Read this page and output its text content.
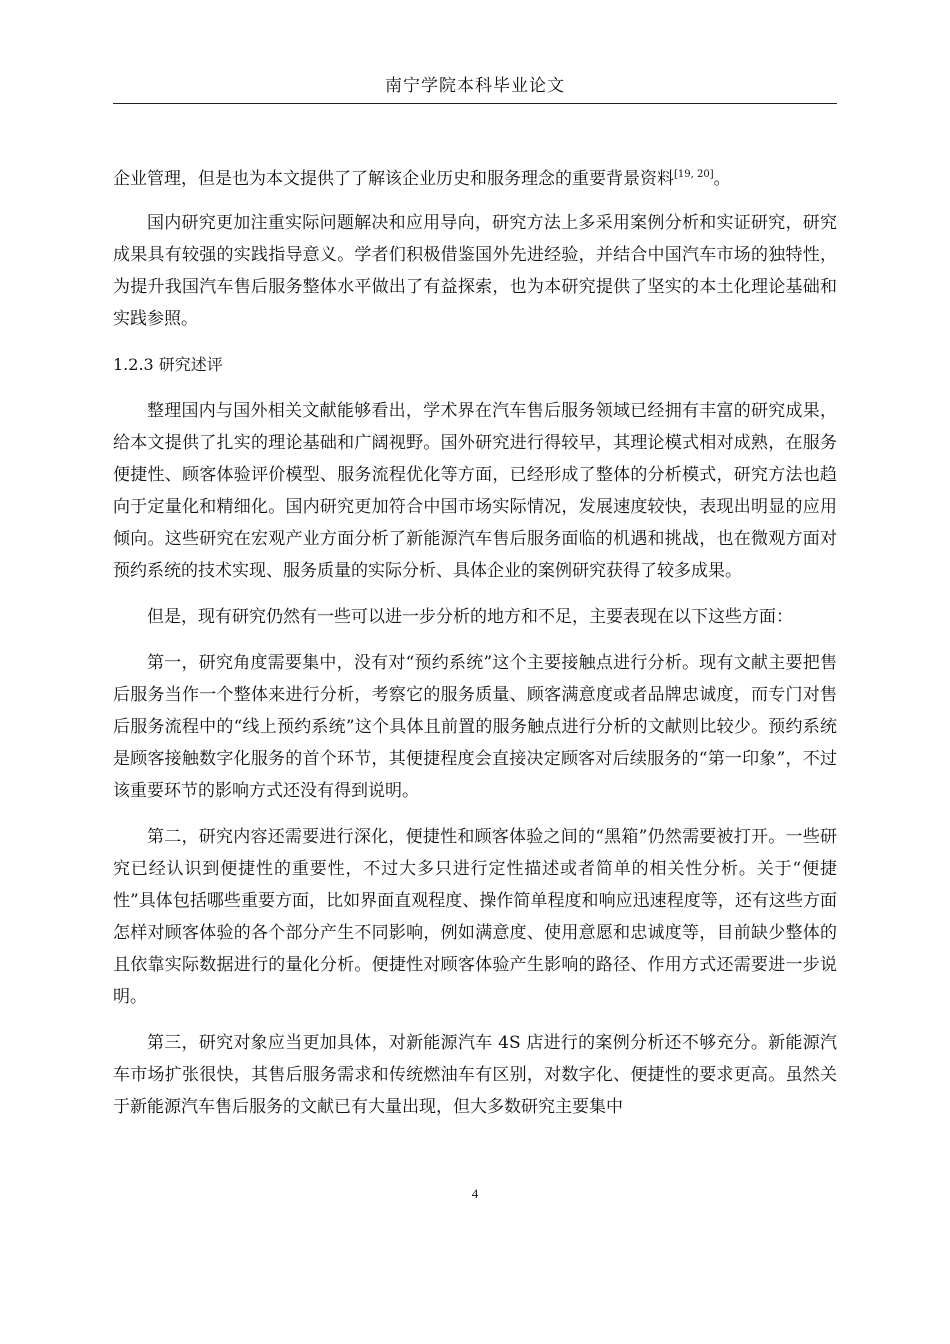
南宁学院本科毕业论文

企业管理，但是也为本文提供了了解该企业历史和服务理念的重要背景资料[19, 20]。

国内研究更加注重实际问题解决和应用导向，研究方法上多采用案例分析和实证研究，研究成果具有较强的实践指导意义。学者们积极借鉴国外先进经验，并结合中国汽车市场的独特性，为提升我国汽车售后服务整体水平做出了有益探索，也为本研究提供了坚实的本土化理论基础和实践参照。

1.2.3 研究述评

整理国内与国外相关文献能够看出，学术界在汽车售后服务领域已经拥有丰富的研究成果，给本文提供了扎实的理论基础和广阔视野。国外研究进行得较早，其理论模式相对成熟，在服务便捷性、顾客体验评价模型、服务流程优化等方面，已经形成了整体的分析模式，研究方法也趋向于定量化和精细化。国内研究更加符合中国市场实际情况，发展速度较快，表现出明显的应用倾向。这些研究在宏观产业方面分析了新能源汽车售后服务面临的机遇和挑战，也在微观方面对预约系统的技术实现、服务质量的实际分析、具体企业的案例研究获得了较多成果。

但是，现有研究仍然有一些可以进一步分析的地方和不足，主要表现在以下这些方面：

第一，研究角度需要集中，没有对“预约系统”这个主要接触点进行分析。现有文献主要把售后服务当作一个整体来进行分析，考察它的服务质量、顾客满意度或者品牌忠诚度，而专门对售后服务流程中的“线上预约系统”这个具体且前置的服务触点进行分析的文献则比较少。预约系统是顾客接触数字化服务的首个环节，其便捷程度会直接决定顾客对后续服务的“第一印象”，不过该重要环节的影响方式还没有得到说明。

第二，研究内容还需要进行深化，便捷性和顾客体验之间的“黑箱”仍然需要被打开。一些研究已经认识到便捷性的重要性，不过大多只进行定性描述或者简单的相关性分析。关于“便捷性”具体包括哪些重要方面，比如界面直观程度、操作简单程度和响应迅速程度等，还有这些方面怎样对顾客体验的各个部分产生不同影响，例如满意度、使用意愿和忠诚度等，目前缺少整体的且依靠实际数据进行的量化分析。便捷性对顾客体验产生影响的路径、作用方式还需要进一步说明。

第三，研究对象应当更加具体，对新能源汽车 4S 店进行的案例分析还不够充分。新能源汽车市场扩张很快，其售后服务需求和传统燃油车有区别，对数字化、便捷性的要求更高。虽然关于新能源汽车售后服务的文献已有大量出现，但大多数研究主要集中

4
